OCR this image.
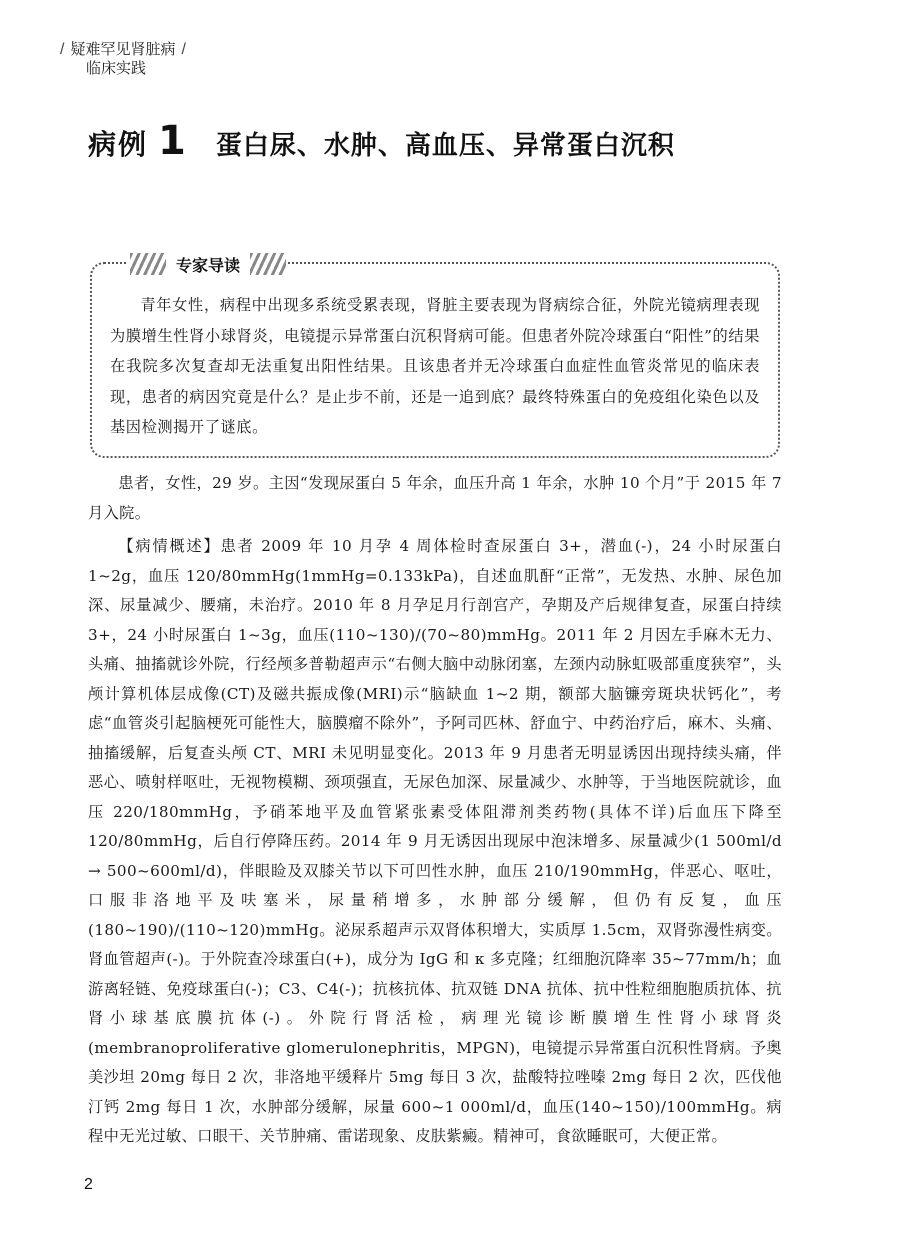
/ 疑难罕见肾脏病 /
临床实践
病例 1 蛋白尿、水肿、高血压、异常蛋白沉积
专家导读
青年女性，病程中出现多系统受累表现，肾脏主要表现为肾病综合征，外院光镜病理表现为膜增生性肾小球肾炎，电镜提示异常蛋白沉积肾病可能。但患者外院冷球蛋白“阳性”的结果在我院多次复查却无法重复出阳性结果。且该患者并无冷球蛋白血症性血管炎常见的临床表现，患者的病因究竟是什么？是止步不前，还是一追到底？最终特殊蛋白的免疫组化染色以及基因检测揭开了谜底。
患者，女性，29 岁。主因“发现尿蛋白 5 年余，血压升高 1 年余，水肿 10 个月”于 2015 年 7 月入院。
【病情概述】患者 2009 年 10 月孕 4 周体检时查尿蛋白 3+，潜血(-)，24 小时尿蛋白 1~2g，血压 120/80mmHg(1mmHg=0.133kPa)，自述血肌酐“正常”，无发热、水肿、尿色加深、尿量减少、腰痛，未治疗。2010 年 8 月孕足月行剖宫产，孕期及产后规律复查，尿蛋白持续 3+，24 小时尿蛋白 1~3g，血压(110~130)/(70~80)mmHg。2011 年 2 月因左手麻木无力、头痛、抽搐就诊外院，行经颅多普勒超声示“右侧大脑中动脉闭塞，左颈内动脉虹吸部重度狭窄”，头颅计算机体层成像(CT)及磁共振成像(MRI)示“脑缺血 1~2 期，额部大脑镰旁斑块状钙化”，考虑“血管炎引起脑梗死可能性大，脑膜瘤不除外”，予阿司匹林、舒血宁、中药治疗后，麻木、头痛、抽搐缓解，后复查头颅 CT、MRI 未见明显变化。2013 年 9 月患者无明显诱因出现持续头痛，伴恶心、喷射样呕吐，无视物模糊、颈项强直，无尿色加深、尿量减少、水肿等，于当地医院就诊，血压 220/180mmHg，予硝苯地平及血管紧张素受体阻滞剂类药物(具体不详)后血压下降至 120/80mmHg，后自行停降压药。2014 年 9 月无诱因出现尿中泡沫增多、尿量减少(1 500ml/d → 500~600ml/d)，伴眼睑及双膝关节以下可凹性水肿，血压 210/190mmHg，伴恶心、呕吐，口服非洛地平及呋塞米，尿量稍增多，水肿部分缓解，但仍有反复，血压(180~190)/(110~120)mmHg。泌尿系超声示双肾体积增大，实质厚 1.5cm，双肾弥漫性病变。肾血管超声(-)。于外院查冷球蛋白(+)，成分为 IgG 和 κ 多克隆；红细胞沉降率 35~77mm/h；血游离轻链、免疫球蛋白(-)；C3、C4(-)；抗核抗体、抗双链 DNA 抗体、抗中性粒细胞胞质抗体、抗肾小球基底膜抗体(-)。外院行肾活检，病理光镜诊断膜增生性肾小球肾炎(membranoproliferative glomerulonephritis，MPGN)，电镜提示异常蛋白沉积性肾病。予奥美沙坦 20mg 每日 2 次，非洛地平缓释片 5mg 每日 3 次，盐酸特拉唑嗪 2mg 每日 2 次，匹伐他汀钙 2mg 每日 1 次，水肿部分缓解，尿量 600~1 000ml/d，血压(140~150)/100mmHg。病程中无光过敏、口眼干、关节肿痛、雷诺现象、皮肤紫癜。精神可，食欲睡眠可，大便正常。
2
